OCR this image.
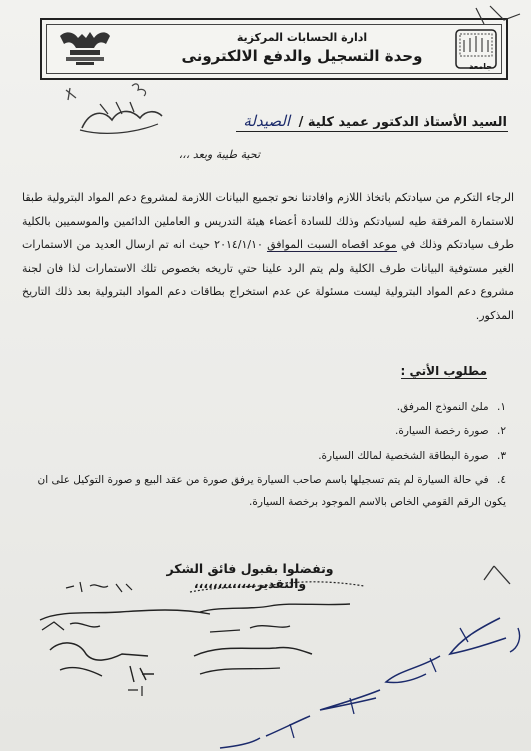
ادارة الحسابات المركزية
وحدة التسجيل والدفع الالكترونى
جامعة
السيد الأستاذ الدكتور عميد كلية / الصيدلة
تحية طيبة وبعد ،،،
الرجاء التكرم من سيادتكم باتخاذ اللازم وافادتنا نحو تجميع البيانات اللازمة لمشروع دعم المواد البترولية طبقا للاستمارة المرفقة طيه لسيادتكم وذلك للسادة أعضاء هيئة التدريس و العاملين الدائمين والموسميين بالكلية طرف سيادتكم وذلك في موعد اقصاه السبت الموافق ٢٠١٤/١/١٠ حيث انه تم ارسال العديد من الاستمارات الغير مستوفية البيانات طرف الكلية ولم يتم الرد علينا حتي تاريخه بخصوص تلك الاستمارات لذا فان لجنة مشروع دعم المواد البترولية ليست مسئولة عن عدم استخراج بطاقات دعم المواد البترولية بعد ذلك التاريخ المذكور.
مطلوب الأتي :
١. ملئ النموذج المرفق.
٢. صورة رخصة السيارة.
٣. صورة البطاقة الشخصية لمالك السيارة.
٤. في حالة السيارة لم يتم تسجيلها باسم صاحب السيارة يرفق صورة من عقد البيع و صورة التوكيل على ان يكون الرقم القومي الخاص بالاسم الموجود برخصة السيارة.
وتفضلوا بقبول فائق الشكر والتقدير،،،،،،،،،،،،،
